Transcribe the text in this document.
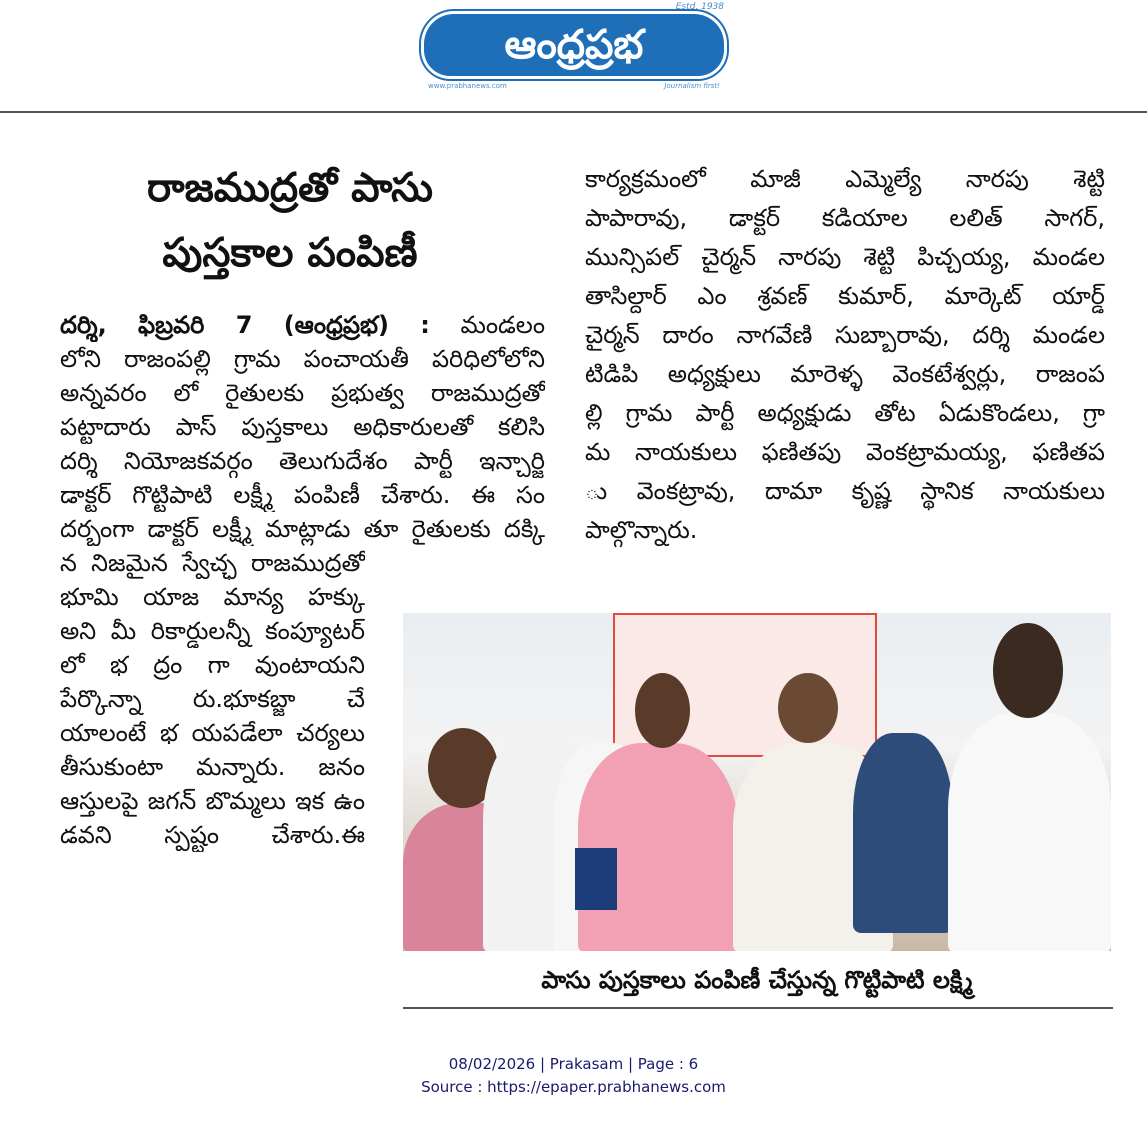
Estd. 1938
ఆంధ్రప్రభ
www.prabhanews.com	Journalism first!
రాజముద్రతో పాసు
పుస్తకాల పంపిణీ
దర్శి, ఫిబ్రవరి 7 (ఆంధ్రప్రభ) : మండలం
లోని రాజంపల్లి గ్రామ పంచాయతీ పరిధిలోలోని
అన్నవరం లో రైతులకు ప్రభుత్వ రాజముద్రతో
పట్టాదారు పాస్ పుస్తకాలు అధికారులతో కలిసి
దర్శి నియోజకవర్గం తెలుగుదేశం పార్టీ ఇన్చార్జి
డాక్టర్ గొట్టిపాటి లక్ష్మీ పంపిణీ చేశారు. ఈ సం
దర్భంగా డాక్టర్ లక్ష్మీ మాట్లాడు తూ రైతులకు దక్కి
న నిజమైన స్వేచ్ఛ రాజముద్రతో
భూమి యాజ మాన్య హక్కు
అని మీ రికార్డులన్నీ కంప్యూటర్
లో భ ద్రం గా వుంటాయని
పేర్కొన్నా రు.భూకబ్జా చే
యాలంటే భ యపడేలా చర్యలు
తీసుకుంటా మన్నారు. జనం
ఆస్తులపై జగన్ బొమ్మలు ఇక ఉం
డవని స్పష్టం చేశారు.ఈ
కార్యక్రమంలో మాజీ ఎమ్మెల్యే నారపు శెట్టి
పాపారావు, డాక్టర్ కడియాల లలిత్ సాగర్,
మున్సిపల్ చైర్మన్ నారపు శెట్టి పిచ్చయ్య, మండల
తాసిల్దార్ ఎం శ్రవణ్ కుమార్, మార్కెట్ యార్డ్
చైర్మన్ దారం నాగవేణి సుబ్బారావు, దర్శి మండల
టిడిపి అధ్యక్షులు మారెళ్ళ వెంకటేశ్వర్లు, రాజంప
ల్లి గ్రామ పార్టీ అధ్యక్షుడు తోట ఏడుకొండలు, గ్రా
మ నాయకులు ఫణితపు వెంకట్రామయ్య, ఫణితప
ు వెంకట్రావు, దామా కృష్ణ స్థానిక నాయకులు
పాల్గొన్నారు.
పాసు పుస్తకాలు పంపిణీ చేస్తున్న గొట్టిపాటి లక్ష్మి
08/02/2026 | Prakasam | Page : 6
Source : https://epaper.prabhanews.com
